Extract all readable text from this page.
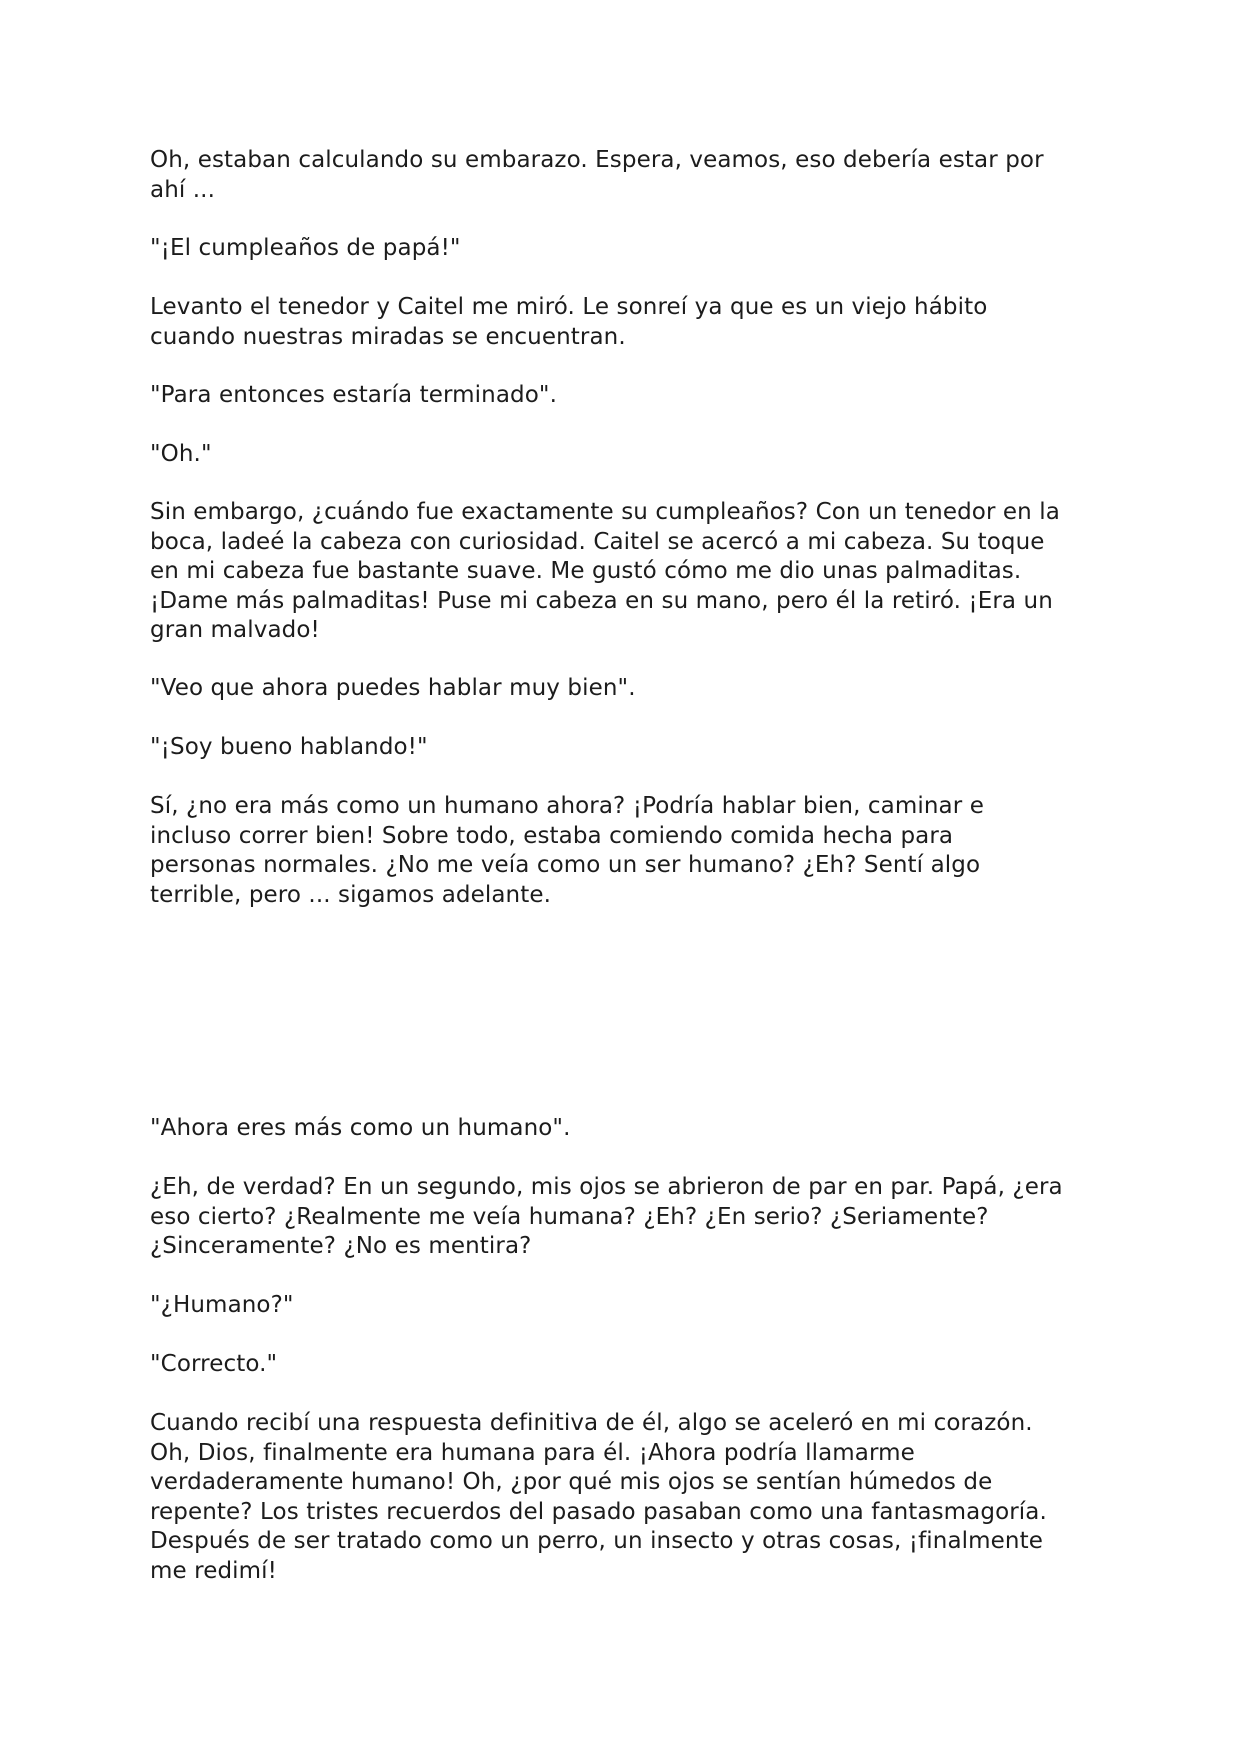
Oh, estaban calculando su embarazo. Espera, veamos, eso debería estar por
ahí ...

"¡El cumpleaños de papá!"

Levanto el tenedor y Caitel me miró. Le sonreí ya que es un viejo hábito
cuando nuestras miradas se encuentran.

"Para entonces estaría terminado".

"Oh."

Sin embargo, ¿cuándo fue exactamente su cumpleaños? Con un tenedor en la
boca, ladeé la cabeza con curiosidad. Caitel se acercó a mi cabeza. Su toque
en mi cabeza fue bastante suave. Me gustó cómo me dio unas palmaditas.
¡Dame más palmaditas! Puse mi cabeza en su mano, pero él la retiró. ¡Era un
gran malvado!

"Veo que ahora puedes hablar muy bien".

"¡Soy bueno hablando!"

Sí, ¿no era más como un humano ahora? ¡Podría hablar bien, caminar e
incluso correr bien! Sobre todo, estaba comiendo comida hecha para
personas normales. ¿No me veía como un ser humano? ¿Eh? Sentí algo
terrible, pero ... sigamos adelante.

"Ahora eres más como un humano".

¿Eh, de verdad? En un segundo, mis ojos se abrieron de par en par. Papá, ¿era
eso cierto? ¿Realmente me veía humana? ¿Eh? ¿En serio? ¿Seriamente?
¿Sinceramente? ¿No es mentira?

"¿Humano?"

"Correcto."

Cuando recibí una respuesta definitiva de él, algo se aceleró en mi corazón.
Oh, Dios, finalmente era humana para él. ¡Ahora podría llamarme
verdaderamente humano! Oh, ¿por qué mis ojos se sentían húmedos de
repente? Los tristes recuerdos del pasado pasaban como una fantasmagoría.
Después de ser tratado como un perro, un insecto y otras cosas, ¡finalmente
me redimí!
